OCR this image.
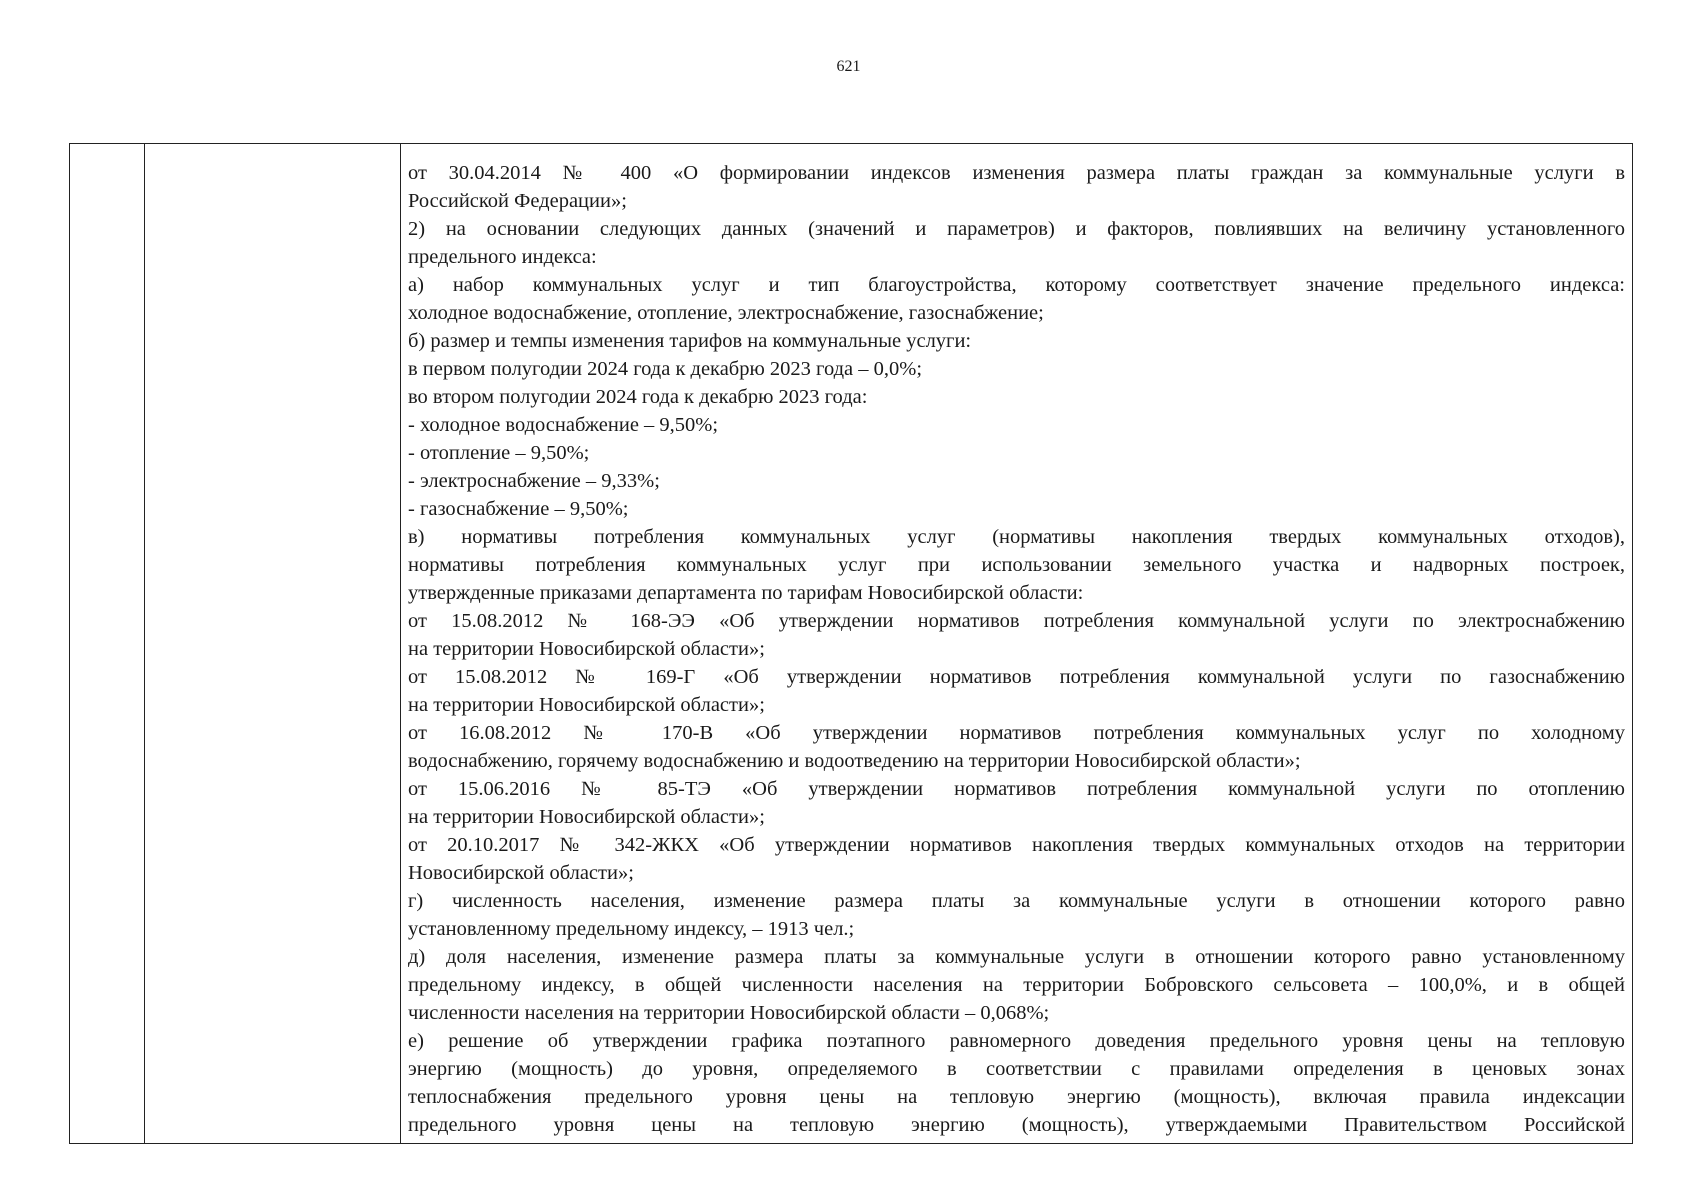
621
от 30.04.2014 № 400 «О формировании индексов изменения размера платы граждан за коммунальные услуги в
Российской Федерации»;
2) на основании следующих данных (значений и параметров) и факторов, повлиявших на величину установленного
предельного индекса:
а) набор коммунальных услуг и тип благоустройства, которому соответствует значение предельного индекса:
холодное водоснабжение, отопление, электроснабжение, газоснабжение;
б) размер и темпы изменения тарифов на коммунальные услуги:
в первом полугодии 2024 года к декабрю 2023 года – 0,0%;
во втором полугодии 2024 года к декабрю 2023 года:
- холодное водоснабжение – 9,50%;
- отопление – 9,50%;
- электроснабжение – 9,33%;
- газоснабжение – 9,50%;
в) нормативы потребления коммунальных услуг (нормативы накопления твердых коммунальных отходов),
нормативы потребления коммунальных услуг при использовании земельного участка и надворных построек,
утвержденные приказами департамента по тарифам Новосибирской области:
от 15.08.2012 № 168-ЭЭ «Об утверждении нормативов потребления коммунальной услуги по электроснабжению
на территории Новосибирской области»;
от 15.08.2012 № 169-Г «Об утверждении нормативов потребления коммунальной услуги по газоснабжению
на территории Новосибирской области»;
от 16.08.2012 № 170-В «Об утверждении нормативов потребления коммунальных услуг по холодному
водоснабжению, горячему водоснабжению и водоотведению на территории Новосибирской области»;
от 15.06.2016 № 85-ТЭ «Об утверждении нормативов потребления коммунальной услуги по отоплению
на территории Новосибирской области»;
от 20.10.2017 № 342-ЖКХ «Об утверждении нормативов накопления твердых коммунальных отходов на территории
Новосибирской области»;
г) численность населения, изменение размера платы за коммунальные услуги в отношении которого равно
установленному предельному индексу, – 1913 чел.;
д) доля населения, изменение размера платы за коммунальные услуги в отношении которого равно установленному
предельному индексу, в общей численности населения на территории Бобровского сельсовета – 100,0%, и в общей
численности населения на территории Новосибирской области – 0,068%;
е) решение об утверждении графика поэтапного равномерного доведения предельного уровня цены на тепловую
энергию (мощность) до уровня, определяемого в соответствии с правилами определения в ценовых зонах
теплоснабжения предельного уровня цены на тепловую энергию (мощность), включая правила индексации
предельного уровня цены на тепловую энергию (мощность), утверждаемыми Правительством Российской
